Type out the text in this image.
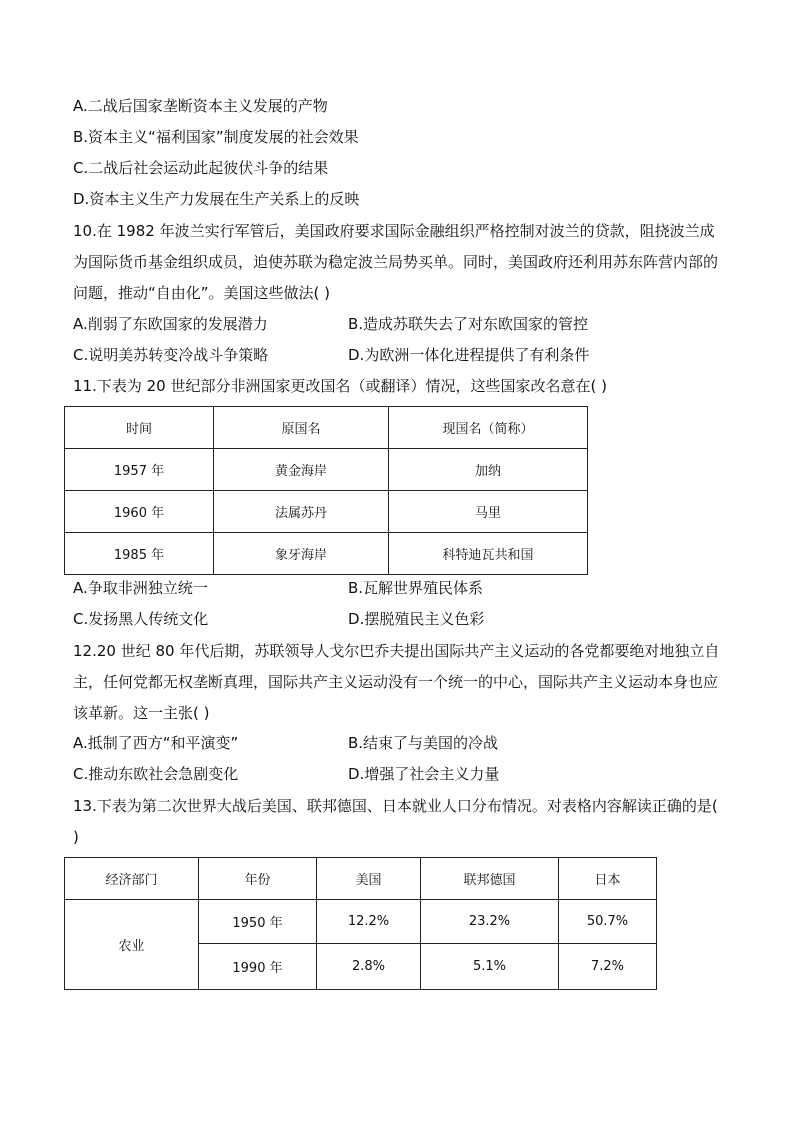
A.二战后国家垄断资本主义发展的产物
B.资本主义“福利国家”制度发展的社会效果
C.二战后社会运动此起彼伏斗争的结果
D.资本主义生产力发展在生产关系上的反映
10.在 1982 年波兰实行军管后，美国政府要求国际金融组织严格控制对波兰的贷款，阻挠波兰成为国际货币基金组织成员，迫使苏联为稳定波兰局势买单。同时，美国政府还利用苏东阵营内部的问题，推动“自由化”。美国这些做法( )
A.削弱了东欧国家的发展潜力	B.造成苏联失去了对东欧国家的管控
C.说明美苏转变冷战斗争策略	D.为欧洲一体化进程提供了有利条件
11.下表为 20 世纪部分非洲国家更改国名（或翻译）情况，这些国家改名意在( )
时间	原国名	现国名（简称）
1957 年	黄金海岸	加纳
1960 年	法属苏丹	马里
1985 年	象牙海岸	科特迪瓦共和国
A.争取非洲独立统一	B.瓦解世界殖民体系
C.发扬黑人传统文化	D.摆脱殖民主义色彩
12.20 世纪 80 年代后期，苏联领导人戈尔巴乔夫提出国际共产主义运动的各党都要绝对地独立自主，任何党都无权垄断真理，国际共产主义运动没有一个统一的中心，国际共产主义运动本身也应该革新。这一主张( )
A.抵制了西方“和平演变”	B.结束了与美国的冷战
C.推动东欧社会急剧变化	D.增强了社会主义力量
13.下表为第二次世界大战后美国、联邦德国、日本就业人口分布情况。对表格内容解读正确的是( )
经济部门	年份	美国	联邦德国	日本
农业	1950 年	12.2%	23.2%	50.7%
	1990 年	2.8%	5.1%	7.2%
